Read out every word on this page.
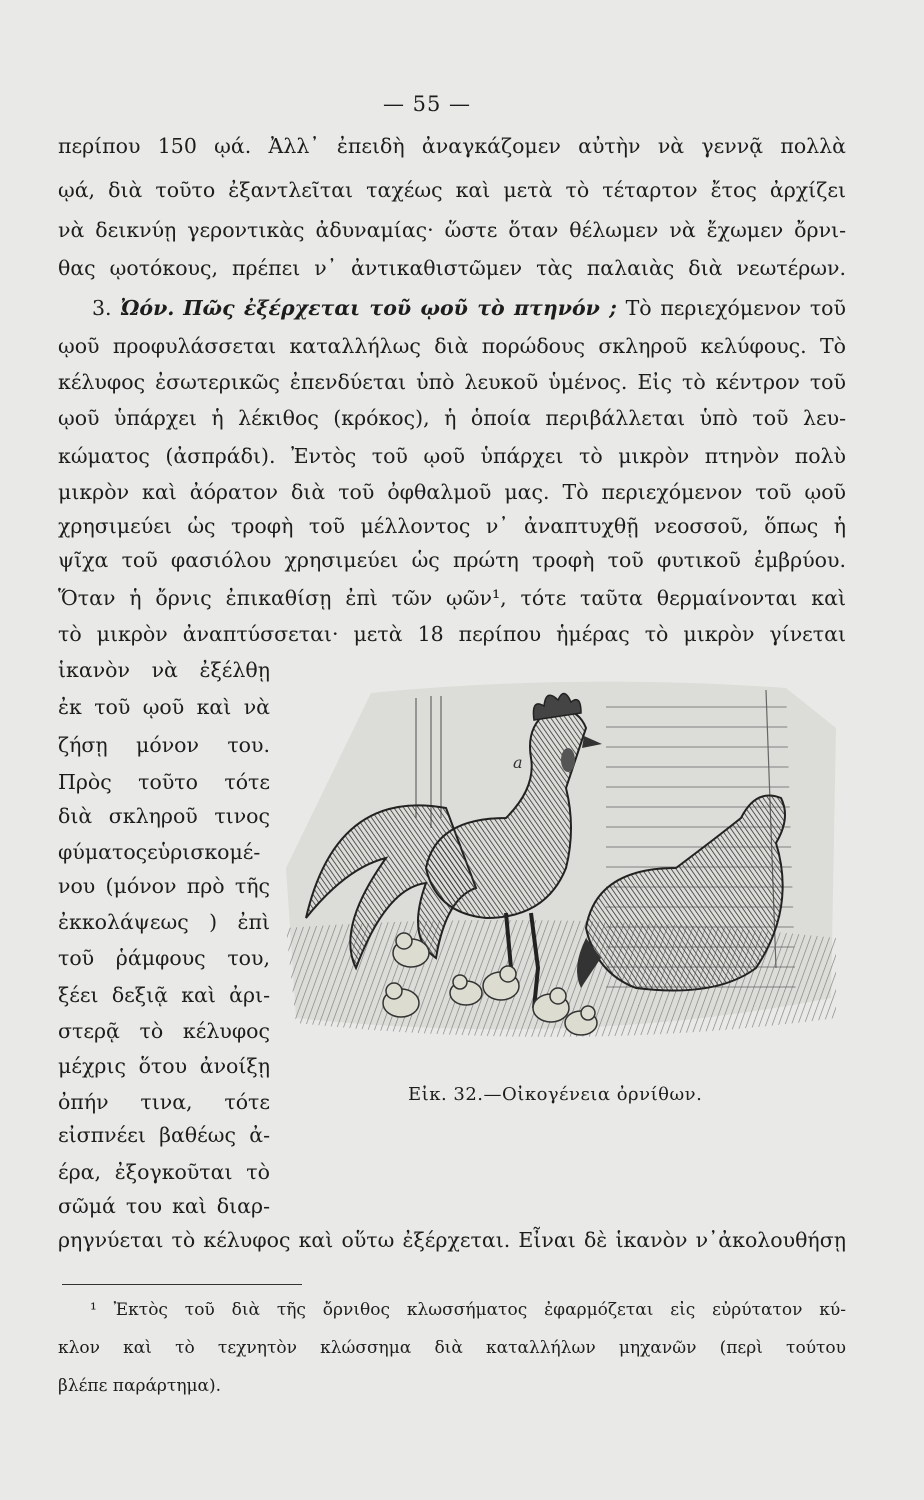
— 55 —
περίπου 150 ῳά. Ἀλλ᾿ ἐπειδὴ ἀναγκάζομεν αὐτὴν νὰ γεννᾷ πολλὰ
ῳά, διὰ τοῦτο ἐξαντλεῖται ταχέως καὶ μετὰ τὸ τέταρτον ἔτος ἀρχίζει
νὰ δεικνύῃ γεροντικὰς ἀδυναμίας· ὥστε ὅταν θέλωμεν νὰ ἔχωμεν ὄρνι-
θας ῳοτόκους, πρέπει ν᾿ ἀντικαθιστῶμεν τὰς παλαιὰς διὰ νεωτέρων.
3. Ὠόν. Πῶς ἐξέρχεται τοῦ ῳοῦ τὸ πτηνόν ; Τὸ περιεχόμενον τοῦ
ῳοῦ προφυλάσσεται καταλλήλως διὰ πορώδους σκληροῦ κελύφους. Τὸ
κέλυφος ἐσωτερικῶς ἐπενδύεται ὑπὸ λευκοῦ ὑμένος. Εἰς τὸ κέντρον τοῦ
ῳοῦ ὑπάρχει ἡ λέκιθος (κρόκος), ἡ ὁποία περιβάλλεται ὑπὸ τοῦ λευ-
κώματος (ἀσπράδι). Ἐντὸς τοῦ ῳοῦ ὑπάρχει τὸ μικρὸν πτηνὸν πολὺ
μικρὸν καὶ ἀόρατον διὰ τοῦ ὀφθαλμοῦ μας. Τὸ περιεχόμενον τοῦ ῳοῦ
χρησιμεύει ὡς τροφὴ τοῦ μέλλοντος ν᾿ ἀναπτυχθῇ νεοσσοῦ, ὅπως ἡ
ψῖχα τοῦ φασιόλου χρησιμεύει ὡς πρώτη τροφὴ τοῦ φυτικοῦ ἐμβρύου.
Ὅταν ἡ ὄρνις ἐπικαθίσῃ ἐπὶ τῶν ῳῶν¹, τότε ταῦτα θερμαίνονται καὶ
τὸ μικρὸν ἀναπτύσσεται· μετὰ 18 περίπου ἡμέρας τὸ μικρὸν γίνεται
ἱκανὸν νὰ ἐξέλθῃ
ἐκ τοῦ ῳοῦ καὶ νὰ
ζήσῃ μόνον του.
Πρὸς τοῦτο τότε
διὰ σκληροῦ τινος
φύματοςεὑρισκομέ-
νου (μόνον πρὸ τῆς
ἐκκολάψεως ) ἐπὶ
τοῦ ῥάμφους του,
ξέει δεξιᾷ καὶ ἀρι-
στερᾷ τὸ κέλυφος
μέχρις ὅτου ἀνοίξῃ
ὀπήν τινα, τότε
εἰσπνέει βαθέως ἀ-
έρα, ἐξογκοῦται τὸ
σῶμά του καὶ διαρ-
ρηγνύεται τὸ κέλυφος καὶ οὕτω ἐξέρχεται. Εἶναι δὲ ἱκανὸν ν᾿ἀκολουθήσῃ
a
Εἰκ. 32.—Οἰκογένεια ὀρνίθων.
¹ Ἐκτὸς τοῦ διὰ τῆς ὄρνιθος κλωσσήματος ἐφαρμόζεται εἰς εὐρύτατον κύ-
κλον καὶ τὸ τεχνητὸν κλώσσημα διὰ καταλλήλων μηχανῶν (περὶ τούτου
βλέπε παράρτημα).
